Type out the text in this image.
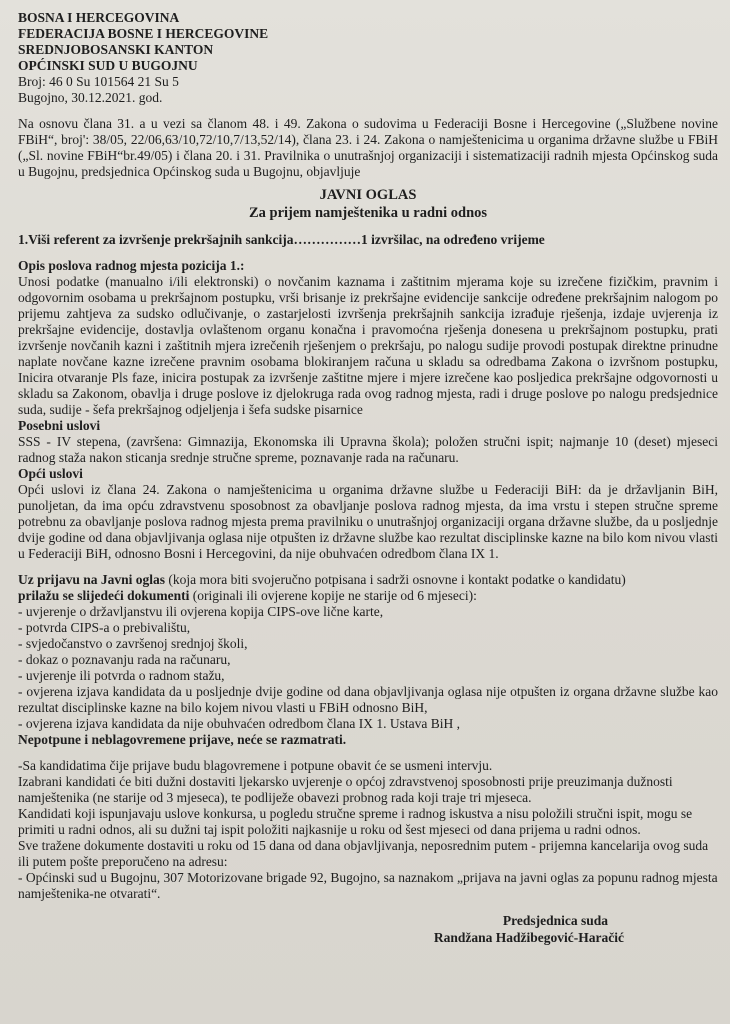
BOSNA I HERCEGOVINA
FEDERACIJA BOSNE I HERCEGOVINE
SREDNJOBOSANSKI KANTON
OPĆINSKI SUD U BUGOJNU
Broj: 46 0 Su 101564 21 Su 5
Bugojno, 30.12.2021. god.

Na osnovu člana 31. a u vezi sa članom 48. i 49. Zakona o sudovima u Federaciji Bosne i Hercegovine („Službene novine FBiH“, broj': 38/05, 22/06,63/10,72/10,7/13,52/14), člana 23. i 24. Zakona o namještenicima u organima državne službe u FBiH („Sl. novine FBiH“br.49/05) i člana 20. i 31. Pravilnika o unutrašnjoj organizaciji i sistematizaciji radnih mjesta Općinskog suda u Bugojnu, predsjednica Općinskog suda u Bugojnu, objavljuje

JAVNI OGLAS
Za prijem namještenika u radni odnos

1.Viši referent za izvršenje prekršajnih sankcija……………1 izvršilac, na određeno vrijeme

Opis poslova radnog mjesta pozicija 1.:

Unosi podatke (manualno i/ili elektronski) o novčanim kaznama i zaštitnim mjerama koje su izrečene fizičkim, pravnim i odgovornim osobama u prekršajnom postupku, vrši brisanje iz prekršajne evidencije sankcije određene prekršajnim nalogom po prijemu zahtjeva za sudsko odlučivanje, o zastarjelosti izvršenja prekršajnih sankcija izrađuje rješenja, izdaje uvjerenja iz prekršajne evidencije, dostavlja ovlaštenom organu konačna i pravomoćna rješenja donesena u prekršajnom postupku, prati izvršenje novčanih kazni i zaštitnih mjera izrečenih rješenjem o prekršaju, po nalogu sudije provodi postupak direktne prinudne naplate novčane kazne izrečene pravnim osobama blokiranjem računa u skladu sa odredbama Zakona o izvršnom postupku, Inicira otvaranje Pls faze, inicira postupak za izvršenje zaštitne mjere i mjere izrečene kao posljedica prekršajne odgovornosti u skladu sa Zakonom, obavlja i druge poslove iz djelokruga rada ovog radnog mjesta, radi i druge poslove po nalogu predsjednice suda, sudije - šefa prekršajnog odjeljenja i šefa sudske pisarnice

Posebni uslovi

SSS - IV stepena, (završena: Gimnazija, Ekonomska ili Upravna škola); položen stručni ispit; najmanje 10 (deset) mjeseci radnog staža nakon sticanja srednje stručne spreme, poznavanje rada na računaru.

Opći uslovi

Opći uslovi iz člana 24. Zakona o namještenicima u organima državne službe u Federaciji BiH: da je državljanin BiH, punoljetan, da ima opću zdravstvenu sposobnost za obavljanje poslova radnog mjesta, da ima vrstu i stepen stručne spreme potrebnu za obavljanje poslova radnog mjesta prema pravilniku o unutrašnjoj organizaciji organa državne službe, da u posljednje dvije godine od dana objavljivanja oglasa nije otpušten iz državne službe kao rezultat disciplinske kazne na bilo kom nivou vlasti u Federaciji BiH, odnosno Bosni i Hercegovini, da nije obuhvaćen odredbom člana IX 1.

Uz prijavu na Javni oglas (koja mora biti svojeručno potpisana i sadrži osnovne i kontakt podatke o kandidatu)
prilažu se slijedeći dokumenti (originali ili ovjerene kopije ne starije od 6 mjeseci):

- uvjerenje o državljanstvu ili ovjerena kopija CIPS-ove lične karte,
- potvrda CIPS-a o prebivalištu,
- svjedočanstvo o završenoj srednjoj školi,
- dokaz o poznavanju rada na računaru,
- uvjerenje ili potvrda o radnom stažu,
- ovjerena izjava kandidata da u posljednje dvije godine od dana objavljivanja oglasa nije otpušten iz organa državne službe kao rezultat disciplinske kazne na bilo kojem nivou vlasti u FBiH odnosno BiH,
- ovjerena izjava kandidata da nije obuhvaćen odredbom člana IX 1. Ustava BiH ,

Nepotpune i neblagovremene prijave, neće se razmatrati.

-Sa kandidatima čije prijave budu blagovremene i potpune obavit će se usmeni intervju.

Izabrani kandidati će biti dužni dostaviti ljekarsko uvjerenje o općoj zdravstvenoj sposobnosti prije preuzimanja dužnosti namještenika (ne starije od 3 mjeseca), te podliježe obavezi probnog rada koji traje tri mjeseca.

Kandidati koji ispunjavaju uslove konkursa, u pogledu stručne spreme i radnog iskustva a nisu položili stručni ispit, mogu se primiti u radni odnos, ali su dužni taj ispit položiti najkasnije u roku od šest mjeseci od dana prijema u radni odnos.

Sve tražene dokumente dostaviti u roku od 15 dana od dana objavljivanja, neposrednim putem - prijemna kancelarija ovog suda ili putem pošte preporučeno na adresu:

- Općinski sud u Bugojnu, 307 Motorizovane brigade 92, Bugojno, sa naznakom „prijava na javni oglas za popunu radnog mjesta namještenika-ne otvarati“.

Predsjednica suda
Randžana Hadžibegović-Haračić
